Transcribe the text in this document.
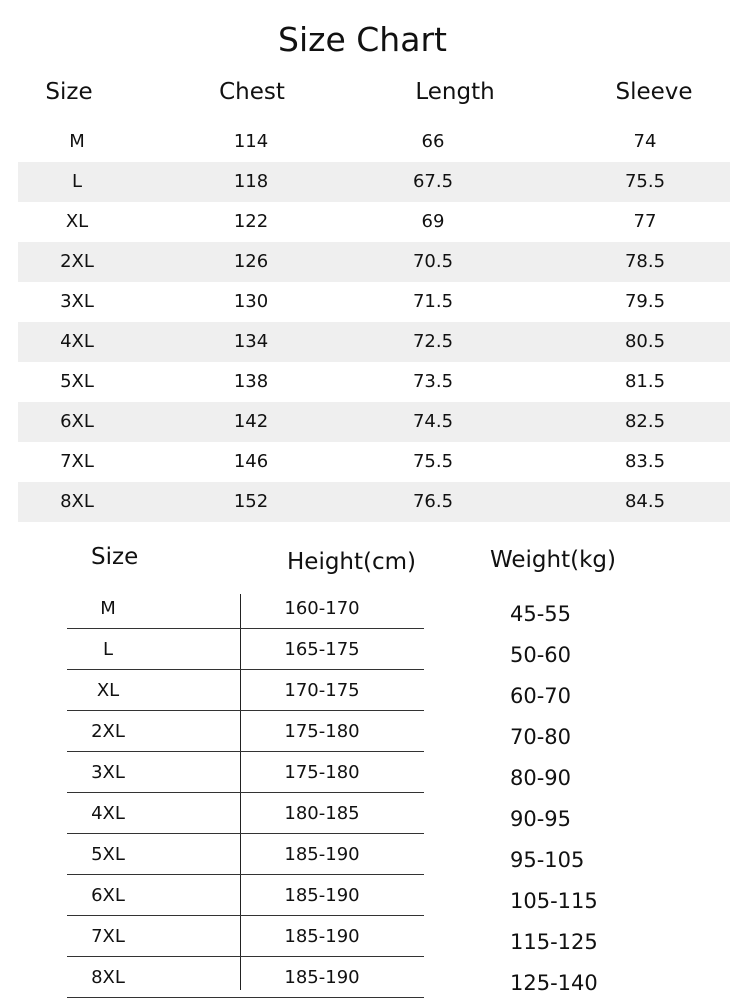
Size Chart
Size	Chest	Length	Sleeve
M	114	66	74
L	118	67.5	75.5
XL	122	69	77
2XL	126	70.5	78.5
3XL	130	71.5	79.5
4XL	134	72.5	80.5
5XL	138	73.5	81.5
6XL	142	74.5	82.5
7XL	146	75.5	83.5
8XL	152	76.5	84.5
Size	Height(cm)	Weight(kg)
M	160-170	45-55
L	165-175	50-60
XL	170-175	60-70
2XL	175-180	70-80
3XL	175-180	80-90
4XL	180-185	90-95
5XL	185-190	95-105
6XL	185-190	105-115
7XL	185-190	115-125
8XL	185-190	125-140
